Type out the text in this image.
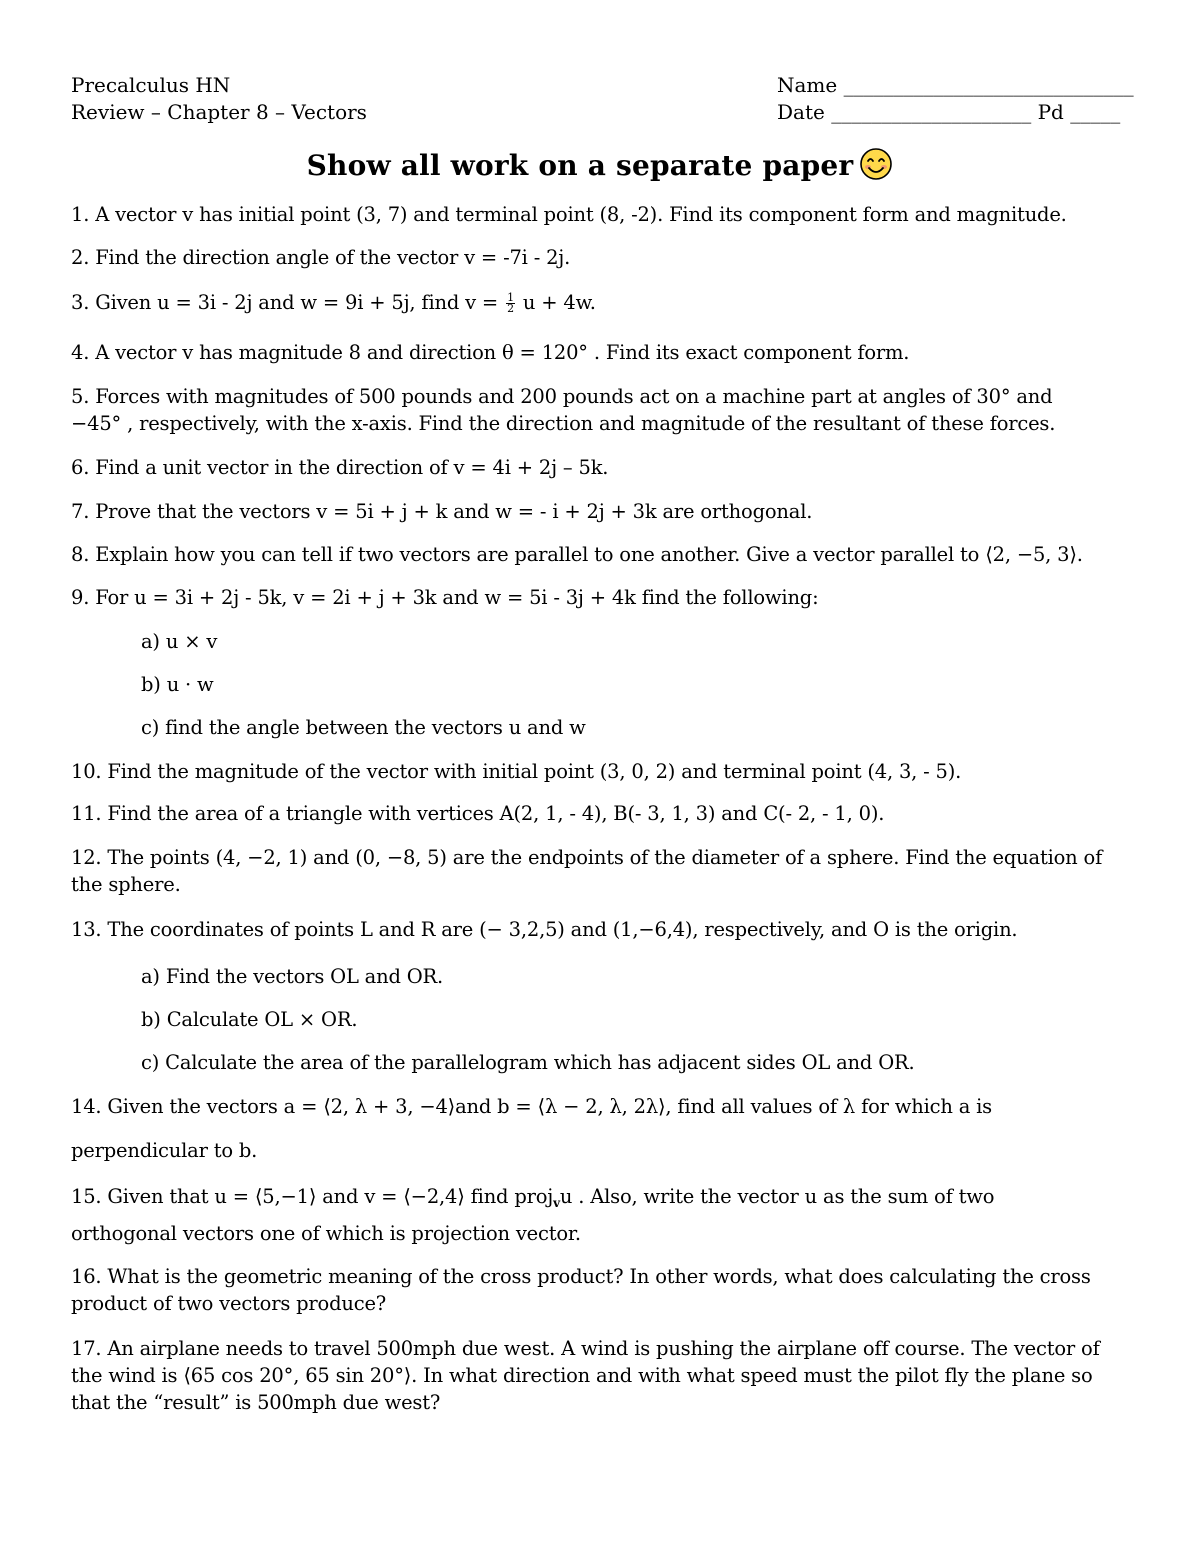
Precalculus HN
Review – Chapter 8 – Vectors
Name _____________________________
Date ____________________ Pd _____
Show all work on a separate paper
1. A vector v has initial point (3, 7) and terminal point (8, -2). Find its component form and magnitude.
2. Find the direction angle of the vector v = -7i - 2j.
3. Given u = 3i - 2j and w = 9i + 5j, find $v = \frac{1}{2}$ u + 4w.
4. A vector v has magnitude 8 and direction θ = 120° . Find its exact component form.
5. Forces with magnitudes of 500 pounds and 200 pounds act on a machine part at angles of 30° and
−45° , respectively, with the x-axis. Find the direction and magnitude of the resultant of these forces.
6. Find a unit vector in the direction of v = 4i + 2j – 5k.
7. Prove that the vectors v = 5i + j + k and w = - i + 2j + 3k are orthogonal.
8. Explain how you can tell if two vectors are parallel to one another. Give a vector parallel to ⟨2, −5, 3⟩.
9. For u = 3i + 2j - 5k, v = 2i + j + 3k and w = 5i - 3j + 4k find the following:
a) u × v
b) u · w
c) find the angle between the vectors u and w
10. Find the magnitude of the vector with initial point (3, 0, 2) and terminal point (4, 3, - 5).
11. Find the area of a triangle with vertices A(2, 1, - 4), B(- 3, 1, 3) and C(- 2, - 1, 0).
12. The points (4, −2, 1) and (0, −8, 5) are the endpoints of the diameter of a sphere. Find the equation of the sphere.
13. The coordinates of points L and R are (− 3,2,5) and (1,−6,4), respectively, and O is the origin.
a) Find the vectors OL and OR.
b) Calculate OL × OR.
c) Calculate the area of the parallelogram which has adjacent sides OL and OR.
14. Given the vectors a = ⟨2, λ + 3, −4⟩and b = ⟨λ − 2, λ, 2λ⟩, find all values of λ for which a is
perpendicular to b.
15. Given that u = ⟨5,−1⟩ and v = ⟨−2,4⟩ find proj$_v$u . Also, write the vector u as the sum of two
orthogonal vectors one of which is projection vector.
16. What is the geometric meaning of the cross product? In other words, what does calculating the cross product of two vectors produce?
17. An airplane needs to travel 500mph due west. A wind is pushing the airplane off course. The vector of the wind is ⟨65 cos 20°, 65 sin 20°⟩. In what direction and with what speed must the pilot fly the plane so that the “result” is 500mph due west?
